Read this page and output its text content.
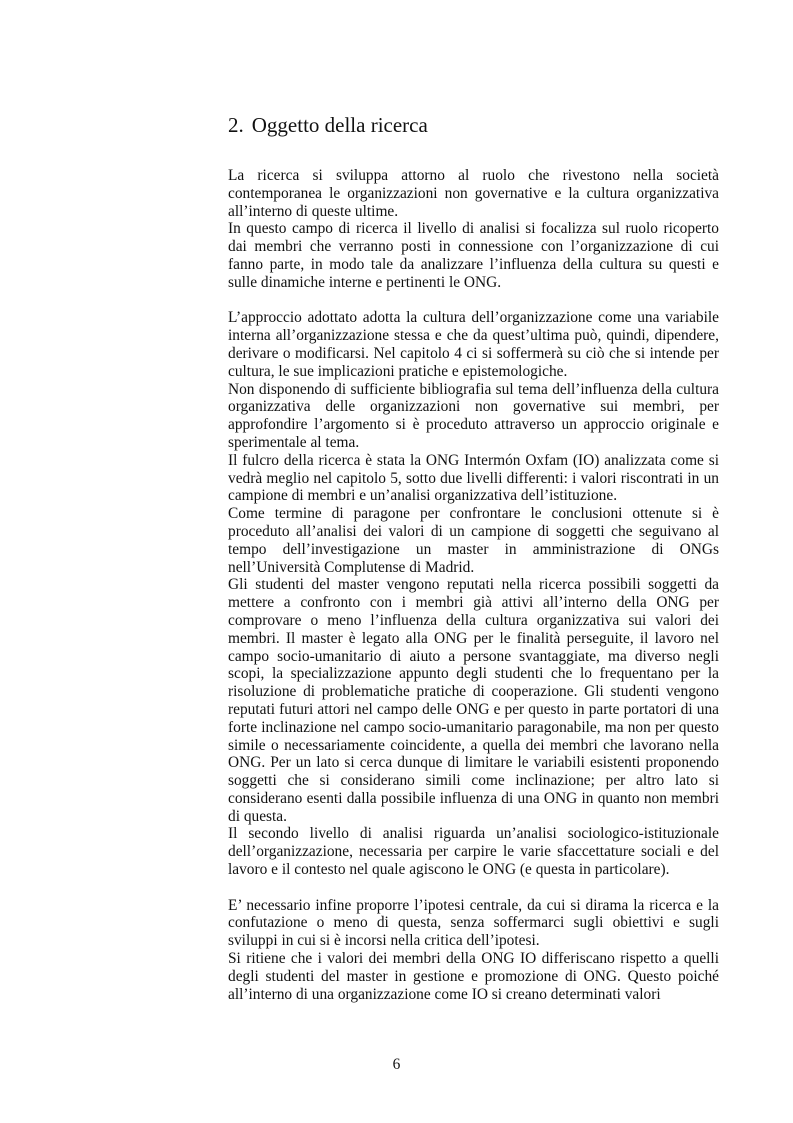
2. Oggetto della ricerca

La ricerca si sviluppa attorno al ruolo che rivestono nella società contemporanea le organizzazioni non governative e la cultura organizzativa all’interno di queste ultime.

In questo campo di ricerca il livello di analisi si focalizza sul ruolo ricoperto dai membri che verranno posti in connessione con l’organizzazione di cui fanno parte, in modo tale da analizzare l’influenza della cultura su questi e sulle dinamiche interne e pertinenti le ONG.

L’approccio adottato adotta la cultura dell’organizzazione come una variabile interna all’organizzazione stessa e che da quest’ultima può, quindi, dipendere, derivare o modificarsi. Nel capitolo 4 ci si soffermerà su ciò che si intende per cultura, le sue implicazioni pratiche e epistemologiche.

Non disponendo di sufficiente bibliografia sul tema dell’influenza della cultura organizzativa delle organizzazioni non governative sui membri, per approfondire l’argomento si è proceduto attraverso un approccio originale e sperimentale al tema.

Il fulcro della ricerca è stata la ONG Intermón Oxfam (IO) analizzata come si vedrà meglio nel capitolo 5, sotto due livelli differenti: i valori riscontrati in un campione di membri e un’analisi organizzativa dell’istituzione.

Come termine di paragone per confrontare le conclusioni ottenute si è proceduto all’analisi dei valori di un campione di soggetti che seguivano al tempo dell’investigazione un master in amministrazione di ONGs nell’Università Complutense di Madrid.

Gli studenti del master vengono reputati nella ricerca possibili soggetti da mettere a confronto con i membri già attivi all’interno della ONG per comprovare o meno l’influenza della cultura organizzativa sui valori dei membri. Il master è legato alla ONG per le finalità perseguite, il lavoro nel campo socio-umanitario di aiuto a persone svantaggiate, ma diverso negli scopi, la specializzazione appunto degli studenti che lo frequentano per la risoluzione di problematiche pratiche di cooperazione. Gli studenti vengono reputati futuri attori nel campo delle ONG e per questo in parte portatori di una forte inclinazione nel campo socio-umanitario paragonabile, ma non per questo simile o necessariamente coincidente, a quella dei membri che lavorano nella ONG. Per un lato si cerca dunque di limitare le variabili esistenti proponendo soggetti che si considerano simili come inclinazione; per altro lato si considerano esenti dalla possibile influenza di una ONG in quanto non membri di questa.

Il secondo livello di analisi riguarda un’analisi sociologico-istituzionale dell’organizzazione, necessaria per carpire le varie sfaccettature sociali e del lavoro e il contesto nel quale agiscono le ONG (e questa in particolare).

E’ necessario infine proporre l’ipotesi centrale, da cui si dirama la ricerca e la confutazione o meno di questa, senza soffermarci sugli obiettivi e sugli sviluppi in cui si è incorsi nella critica dell’ipotesi.

Si ritiene che i valori dei membri della ONG IO differiscano rispetto a quelli degli studenti del master in gestione e promozione di ONG. Questo poiché all’interno di una organizzazione come IO si creano determinati valori

6
